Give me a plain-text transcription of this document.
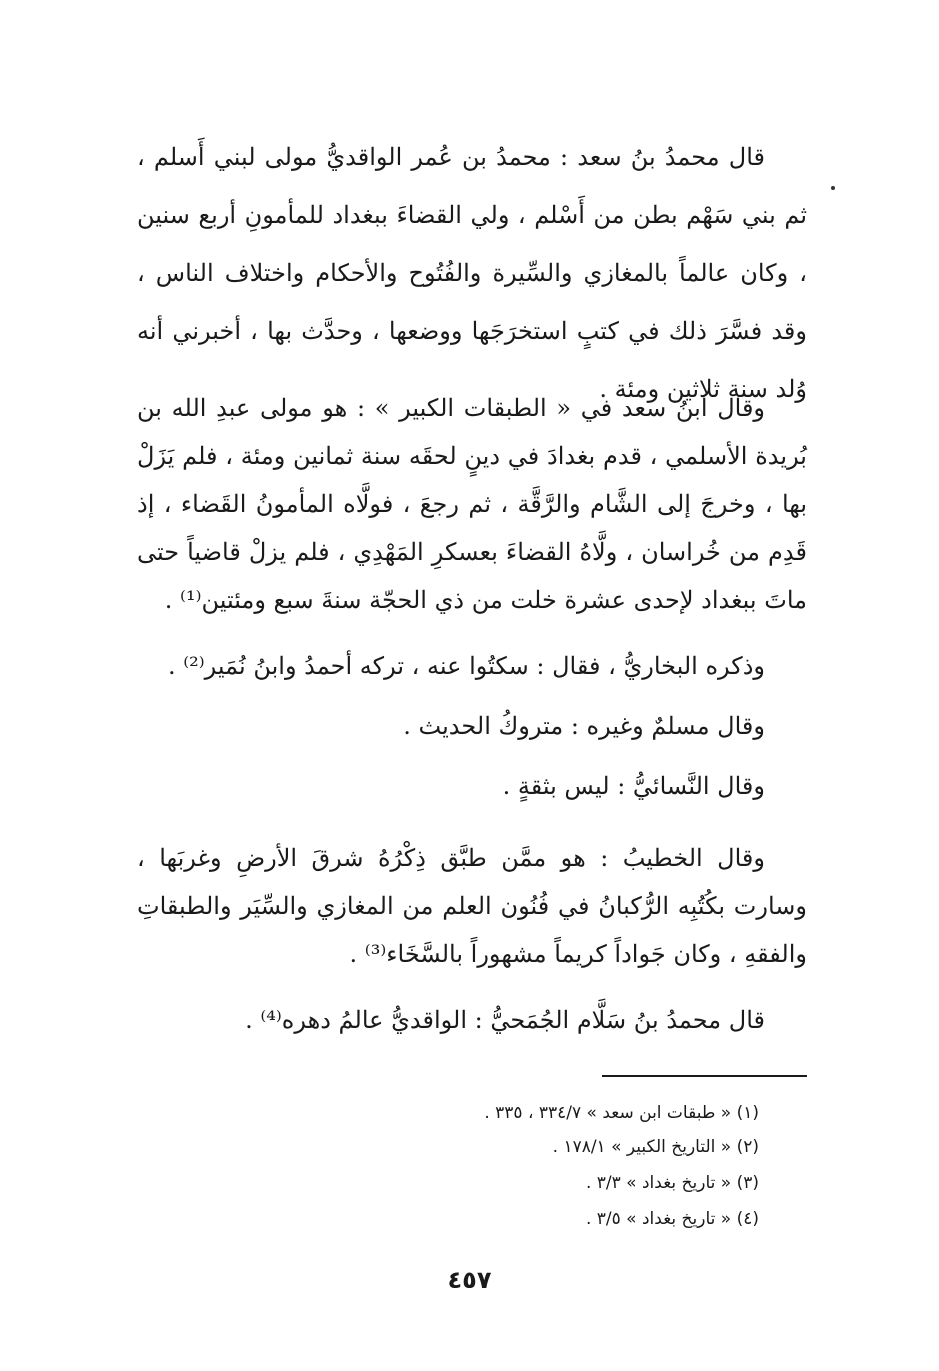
قال محمدُ بنُ سعد : محمدُ بن عُمر الواقديُّ مولى لبني أَسلم ، ثم بني سَهْم بطن من أَسْلم ، ولي القضاءَ ببغداد للمأمونِ أربع سنين ، وكان عالماً بالمغازي والسِّيرة والفُتُوح والأحكام واختلاف الناس ، وقد فسَّرَ ذلك في كتبٍ استخرَجَها ووضعها ، وحدَّث بها ، أخبرني أنه وُلد سنة ثلاثين ومئة .

وقال ابنُ سعد في « الطبقات الكبير » : هو مولى عبدِ الله بن بُريدة الأسلمي ، قدم بغدادَ في دينٍ لحقَه سنة ثمانين ومئة ، فلم يَزَلْ بها ، وخرجَ إلى الشَّام والرَّقَّة ، ثم رجعَ ، فولَّاه المأمونُ القَضاء ، إذ قَدِم من خُراسان ، ولَّاهُ القضاءَ بعسكرِ المَهْدِي ، فلم يزلْ قاضياً حتى ماتَ ببغداد لإحدى عشرة خلت من ذي الحجّة سنةَ سبع ومئتين⁽¹⁾ .

وذكره البخاريُّ ، فقال : سكتُوا عنه ، تركه أحمدُ وابنُ نُمَير⁽²⁾ .

وقال مسلمٌ وغيره : متروكُ الحديث .

وقال النَّسائيُّ : ليس بثقةٍ .

وقال الخطيبُ : هو ممَّن طبَّق ذِكْرُهُ شرقَ الأرضِ وغربَها ، وسارت بكُتُبِه الرُّكبانُ في فُنُون العلم من المغازي والسِّيَر والطبقاتِ والفقهِ ، وكان جَواداً كريماً مشهوراً بالسَّخَاء⁽³⁾ .

قال محمدُ بنُ سَلَّام الجُمَحيُّ : الواقديُّ عالمُ دهره⁽⁴⁾ .

(١) « طبقات ابن سعد » ٣٣٤/٧ ، ٣٣٥ .
(٢) « التاريخ الكبير » ١٧٨/١ .
(٣) « تاريخ بغداد » ٣/٣ .
(٤) « تاريخ بغداد » ٣/٥ .
٤٥٧
